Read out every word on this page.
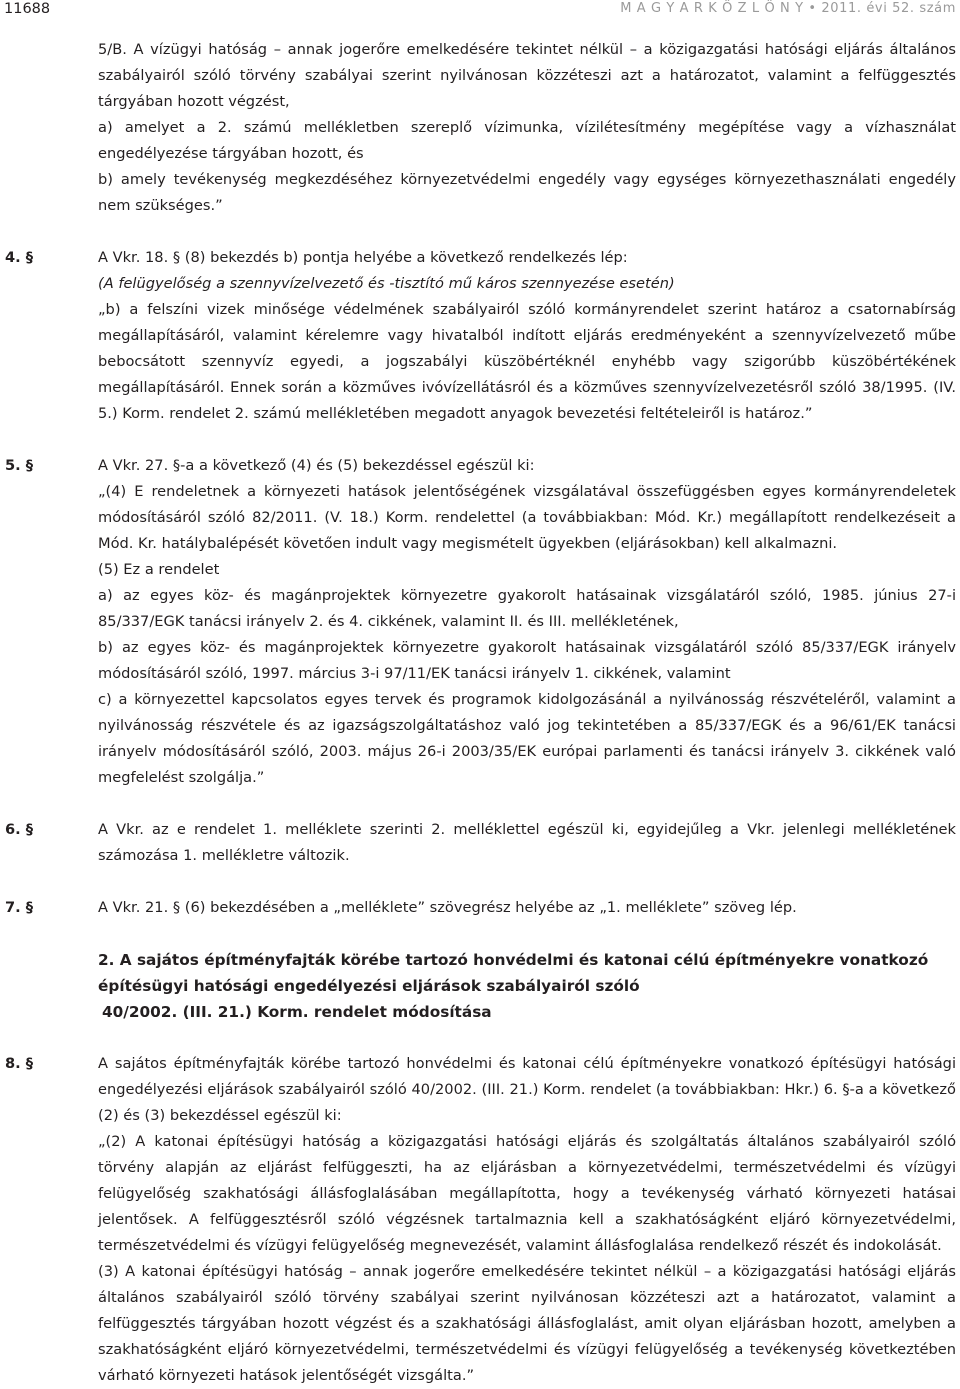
11688	M A G Y A R K Ö Z L Ö N Y • 2011. évi 52. szám

5/B. A vízügyi hatóság – annak jogerőre emelkedésére tekintet nélkül – a közigazgatási hatósági eljárás általános szabályairól szóló törvény szabályai szerint nyilvánosan közzéteszi azt a határozatot, valamint a felfüggesztés tárgyában hozott végzést,

a) amelyet a 2. számú mellékletben szereplő vízimunka, vízilétesítmény megépítése vagy a vízhasználat engedélyezése tárgyában hozott, és

b) amely tevékenység megkezdéséhez környezetvédelmi engedély vagy egységes környezethasználati engedély nem szükséges.”

4. §	A Vkr. 18. § (8) bekezdés b) pontja helyébe a következő rendelkezés lép:

(A felügyelőség a szennyvízelvezető és -tisztító mű káros szennyezése esetén)

„b) a felszíni vizek minősége védelmének szabályairól szóló kormányrendelet szerint határoz a csatornabírság megállapításáról, valamint kérelemre vagy hivatalból indított eljárás eredményeként a szennyvízelvezető műbe bebocsátott szennyvíz egyedi, a jogszabályi küszöbértéknél enyhébb vagy szigorúbb küszöbértékének megállapításáról. Ennek során a közműves ivóvízellátásról és a közműves szennyvízelvezetésről szóló 38/1995. (IV. 5.) Korm. rendelet 2. számú mellékletében megadott anyagok bevezetési feltételeiről is határoz.”

5. §	A Vkr. 27. §-a a következő (4) és (5) bekezdéssel egészül ki:

„(4) E rendeletnek a környezeti hatások jelentőségének vizsgálatával összefüggésben egyes kormányrendeletek módosításáról szóló 82/2011. (V. 18.) Korm. rendelettel (a továbbiakban: Mód. Kr.) megállapított rendelkezéseit a Mód. Kr. hatálybalépését követően indult vagy megismételt ügyekben (eljárásokban) kell alkalmazni.

(5) Ez a rendelet

a) az egyes köz- és magánprojektek környezetre gyakorolt hatásainak vizsgálatáról szóló, 1985. június 27-i 85/337/EGK tanácsi irányelv 2. és 4. cikkének, valamint II. és III. mellékletének,

b) az egyes köz- és magánprojektek környezetre gyakorolt hatásainak vizsgálatáról szóló 85/337/EGK irányelv módosításáról szóló, 1997. március 3-i 97/11/EK tanácsi irányelv 1. cikkének, valamint

c) a környezettel kapcsolatos egyes tervek és programok kidolgozásánál a nyilvánosság részvételéről, valamint a nyilvánosság részvétele és az igazságszolgáltatáshoz való jog tekintetében a 85/337/EGK és a 96/61/EK tanácsi irányelv módosításáról szóló, 2003. május 26-i 2003/35/EK európai parlamenti és tanácsi irányelv 3. cikkének való megfelelést szolgálja.”

6. §	A Vkr. az e rendelet 1. melléklete szerinti 2. melléklettel egészül ki, egyidejűleg a Vkr. jelenlegi mellékletének számozása 1. mellékletre változik.

7. §	A Vkr. 21. § (6) bekezdésében a „melléklete” szövegrész helyébe az „1. melléklete” szöveg lép.

2. A sajátos építményfajták körébe tartozó honvédelmi és katonai célú építményekre vonatkozó
építésügyi hatósági engedélyezési eljárások szabályairól szóló
40/2002. (III. 21.) Korm. rendelet módosítása
8. §	A sajátos építményfajták körébe tartozó honvédelmi és katonai célú építményekre vonatkozó építésügyi hatósági engedélyezési eljárások szabályairól szóló 40/2002. (III. 21.) Korm. rendelet (a továbbiakban: Hkr.) 6. §-a a következő (2) és (3) bekezdéssel egészül ki:

„(2) A katonai építésügyi hatóság a közigazgatási hatósági eljárás és szolgáltatás általános szabályairól szóló törvény alapján az eljárást felfüggeszti, ha az eljárásban a környezetvédelmi, természetvédelmi és vízügyi felügyelőség szakhatósági állásfoglalásában megállapította, hogy a tevékenység várható környezeti hatásai jelentősek. A felfüggesztésről szóló végzésnek tartalmaznia kell a szakhatóságként eljáró környezetvédelmi, természetvédelmi és vízügyi felügyelőség megnevezését, valamint állásfoglalása rendelkező részét és indokolását.

(3) A katonai építésügyi hatóság – annak jogerőre emelkedésére tekintet nélkül – a közigazgatási hatósági eljárás általános szabályairól szóló törvény szabályai szerint nyilvánosan közzéteszi azt a határozatot, valamint a felfüggesztés tárgyában hozott végzést és a szakhatósági állásfoglalást, amit olyan eljárásban hozott, amelyben a szakhatóságként eljáró környezetvédelmi, természetvédelmi és vízügyi felügyelőség a tevékenység következtében várható környezeti hatások jelentőségét vizsgálta.”
